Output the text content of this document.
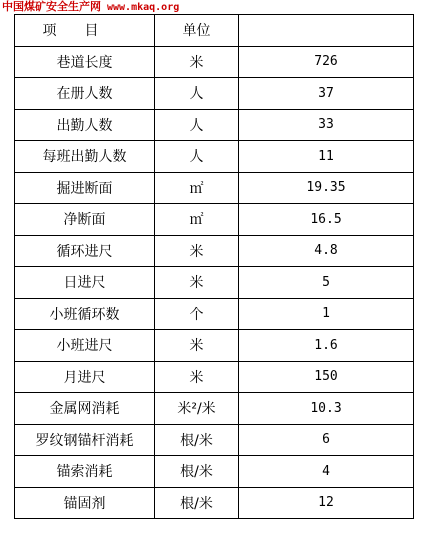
中国煤矿安全生产网 www.mkaq.org
项目	单位	
巷道长度	米	726
在册人数	人	37
出勤人数	人	33
每班出勤人数	人	11
掘进断面	㎡	19.35
净断面	㎡	16.5
循环进尺	米	4.8
日进尺	米	5
小班循环数	个	1
小班进尺	米	1.6
月进尺	米	150
金属网消耗	米²/米	10.3
罗纹钢锚杆消耗	根/米	6
锚索消耗	根/米	4
锚固剂	根/米	12
